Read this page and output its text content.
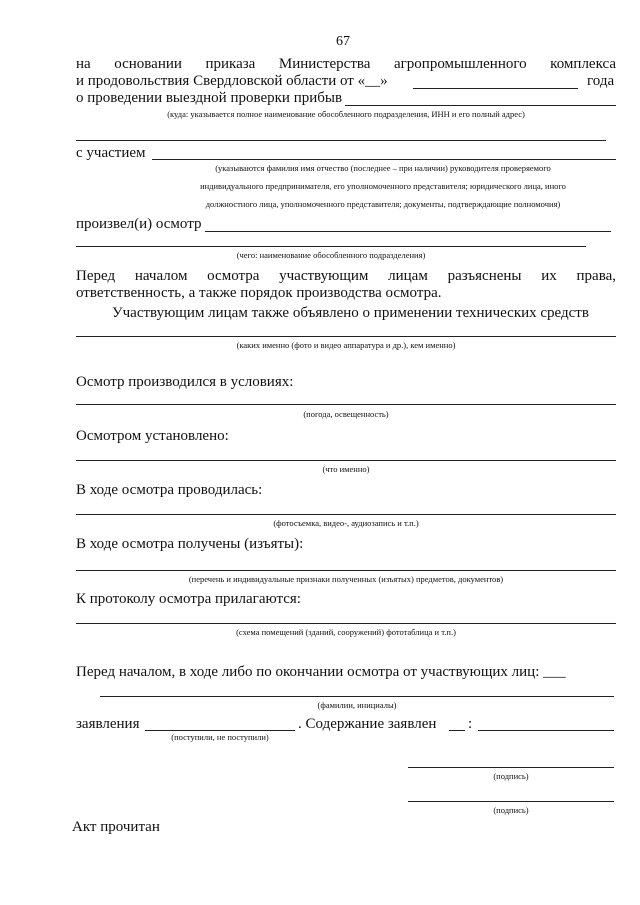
67
на основании приказа Министерства агропромышленного комплекса
и продовольствия Свердловской области от «__»	года
о проведении выездной проверки прибыв
(куда: указывается полное наименование обособленного подразделения, ИНН и его полный адрес)
с участием
(указываются фамилия имя отчество (последнее – при наличии) руководителя проверяемого
индивидуального предпринимателя, его уполномоченного представителя; юридического лица, иного
должностного лица, уполномоченного представителя; документы, подтверждающие полномочия)
произвел(и) осмотр
(чего: наименование обособленного подразделения)
Перед началом осмотра участвующим лицам разъяснены их права,
ответственность, а также порядок производства осмотра.
Участвующим лицам также объявлено о применении технических средств
(каких именно (фото и видео аппаратура и др.), кем именно)
Осмотр производился в условиях:
(погода, освещенность)
Осмотром установлено:
(что именно)
В ходе осмотра проводилась:
(фотосъемка, видео-, аудиозапись и т.п.)
В ходе осмотра получены (изъяты):
(перечень и индивидуальные признаки полученных (изъятых) предметов, документов)
К протоколу осмотра прилагаются:
(схема помещений (зданий, сооружений) фототаблица и т.п.)
Перед началом, в ходе либо по окончании осмотра от участвующих лиц: ___
(фамилии, инициалы)
заявления	. Содержание заявлен :
(поступили, не поступили)
(подпись)
(подпись)
Акт прочитан
